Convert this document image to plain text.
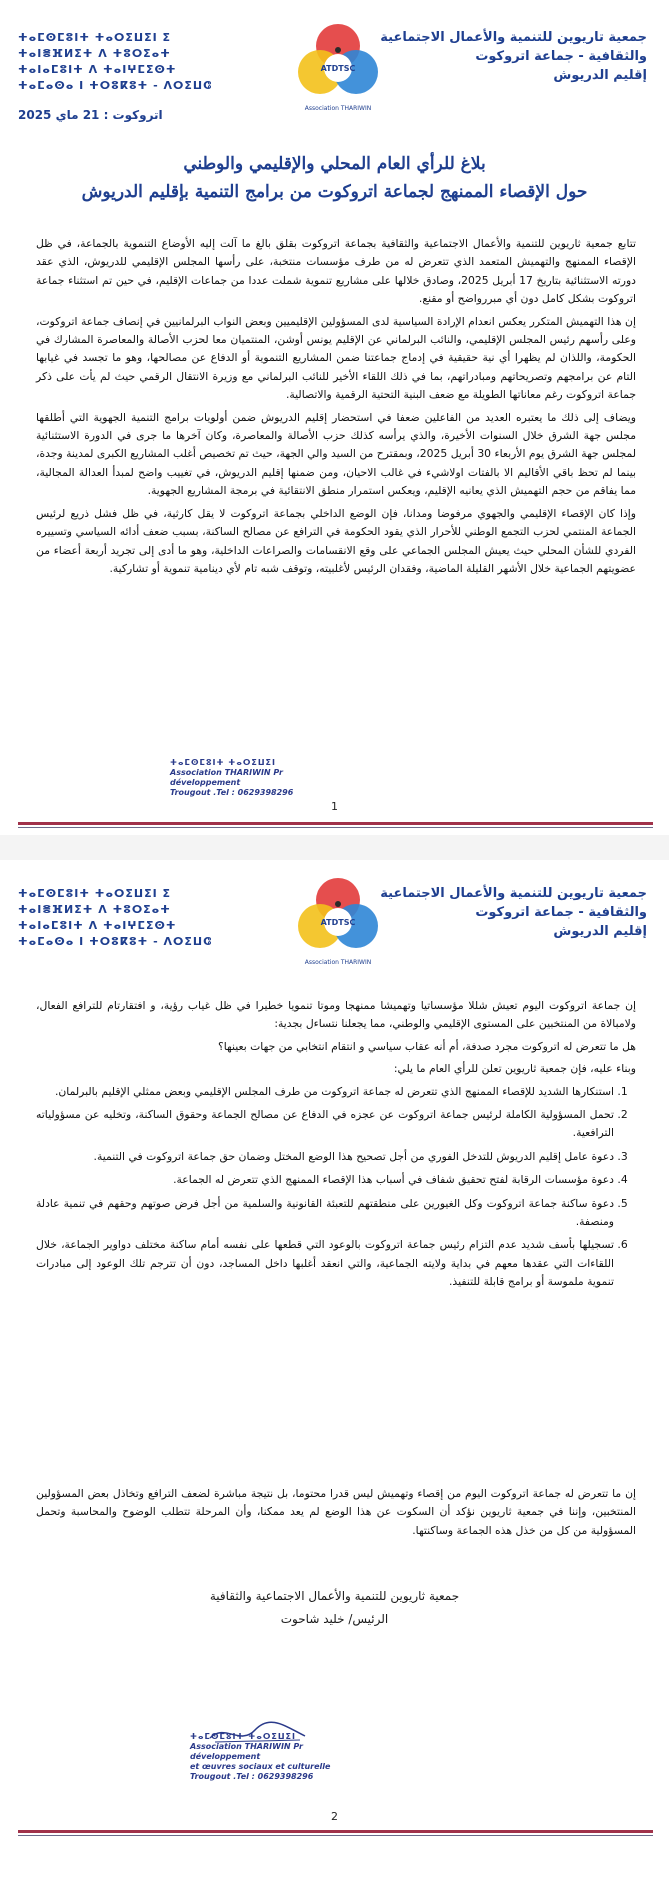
جمعية تاريوين للتنمية والأعمال الاجتماعية
والثقافية - جماعة اتروكوت
إقليم الدريوش
ⵜⴰⵎⵙⵎⵓⵏⵜ ⵜⴰⵔⵉⵡⵉⵏ ⵉ ⵜⴰⵏⴻⴼⵍⵉⵜ ⴷ ⵜⵓⵔⵉⴰⵜ
ⵜⴰⵏⴰⵎⵓⵏⵜ ⴷ ⵜⴰⵏⵖⵎⵉⵙⵜ
ⵜⴰⵎⴰⵙⴰ ⵏ ⵜⵔⵓⴽⵓⵜ - ⴷⵔⵉⵡⵛ
ATDTSC
Association THARIWIN
اتروكوت : 21 ماي 2025
بلاغ للرأي العام المحلي والإقليمي والوطني
حول الإقصاء الممنهج لجماعة اتروكوت من برامج التنمية بإقليم الدريوش

تتابع جمعية ثاريوين للتنمية والأعمال الاجتماعية والثقافية بجماعة اتروكوت بقلق بالغ ما آلت إليه الأوضاع التنموية بالجماعة، في ظل الإقصاء الممنهج والتهميش المتعمد الذي تتعرض له من طرف مؤسسات منتخبة، على رأسها المجلس الإقليمي للدريوش، الذي عقد دورته الاستثنائية بتاريخ 17 أبريل 2025، وصادق خلالها على مشاريع تنموية شملت عددا من جماعات الإقليم، في حين تم استثناء جماعة اتروكوت بشكل كامل دون أي مبررواضح أو مقنع.

إن هذا التهميش المتكرر يعكس انعدام الإرادة السياسية لدى المسؤولين الإقليميين وبعض النواب البرلمانيين في إنصاف جماعة اتروكوت، وعلى رأسهم رئيس المجلس الإقليمي، والنائب البرلماني عن الإقليم يونس أوشن، المنتميان معا لحزب الأصالة والمعاصرة المشارك في الحكومة، واللذان لم يظهرا أي نية حقيقية في إدماج جماعتنا ضمن المشاريع التنموية أو الدفاع عن مصالحها، وهو ما تجسد في غيابها التام عن برامجهم وتصريحاتهم ومبادراتهم، بما في ذلك اللقاء الأخير للنائب البرلماني مع وزيرة الانتقال الرقمي حيث لم يأت على ذكر جماعة اتروكوت رغم معاناتها الطويلة مع ضعف البنية التحتية الرقمية والاتصالية.

ويضاف إلى ذلك ما يعتبره العديد من الفاعلين ضعفا في استحضار إقليم الدريوش ضمن أولويات برامج التنمية الجهوية التي أطلقها مجلس جهة الشرق خلال السنوات الأخيرة، والذي يرأسه كذلك حزب الأصالة والمعاصرة، وكان آخرها ما جرى في الدورة الاستثنائية لمجلس جهة الشرق يوم الأربعاء 30 أبريل 2025، وبمقترح من السيد والي الجهة، حيث تم تخصيص أغلب المشاريع الكبرى لمدينة وجدة، بينما لم تحظ باقي الأقاليم الا بالفتات اولاشيء في غالب الاحيان، ومن ضمنها إقليم الدريوش، في تغييب واضح لمبدأ العدالة المجالية، مما يفاقم من حجم التهميش الذي يعانيه الإقليم، ويعكس استمرار منطق الانتقائية في برمجة المشاريع الجهوية.

وإذا كان الإقصاء الإقليمي والجهوي مرفوضا ومدانا، فإن الوضع الداخلي بجماعة اتروكوت لا يقل كارثية، في ظل فشل ذريع لرئيس الجماعة المنتمي لحزب التجمع الوطني للأحرار الذي يقود الحكومة في الترافع عن مصالح الساكنة، بسبب ضعف أدائه السياسي وتسييره الفردي للشأن المحلي حيث يعيش المجلس الجماعي على وقع الانقسامات والصراعات الداخلية، وهو ما أدى إلى تجريد أربعة أعضاء من عضويتهم الجماعية خلال الأشهر القليلة الماضية، وفقدان الرئيس لأغلبيته، وتوقف شبه تام لأي دينامية تنموية أو تشاركية.

ⵜⴰⵎⵙⵎⵓⵏⵜ ⵜⴰⵔⵉⵡⵉⵏ
Association THARIWIN Pr développement
Trougout .Tel : 0629398296
1
جمعية تاريوين للتنمية والأعمال الاجتماعية
والثقافية - جماعة اتروكوت
إقليم الدريوش
ⵜⴰⵎⵙⵎⵓⵏⵜ ⵜⴰⵔⵉⵡⵉⵏ ⵉ ⵜⴰⵏⴻⴼⵍⵉⵜ ⴷ ⵜⵓⵔⵉⴰⵜ
ⵜⴰⵏⴰⵎⵓⵏⵜ ⴷ ⵜⴰⵏⵖⵎⵉⵙⵜ
ⵜⴰⵎⴰⵙⴰ ⵏ ⵜⵔⵓⴽⵓⵜ - ⴷⵔⵉⵡⵛ
ATDTSC
Association THARIWIN

إن جماعة اتروكوت اليوم تعيش شللا مؤسساتيا وتهميشا ممنهجا وموتا تنمويا خطيرا في ظل غياب رؤية، و افتقارتام للترافع الفعال، ولامبالاة من المنتخبين على المستوى الإقليمي والوطني، مما يجعلنا نتساءل بجدية:

هل ما تتعرض له اتروكوت مجرد صدفة، أم أنه عقاب سياسي و انتقام انتخابي من جهات بعينها؟

وبناء عليه، فإن جمعية ثاريوين تعلن للرأي العام ما يلي:

1. استنكارها الشديد للإقصاء الممنهج الذي تتعرض له جماعة اتروكوت من طرف المجلس الإقليمي وبعض ممثلي الإقليم بالبرلمان.
2. تحمل المسؤولية الكاملة لرئيس جماعة اتروكوت عن عجزه في الدفاع عن مصالح الجماعة وحقوق الساكنة، وتخليه عن مسؤولياته الترافعية.
3. دعوة عامل إقليم الدريوش للتدخل الفوري من أجل تصحيح هذا الوضع المختل وضمان حق جماعة اتروكوت في التنمية.
4. دعوة مؤسسات الرقابة لفتح تحقيق شفاف في أسباب هذا الإقصاء الممنهج الذي تتعرض له الجماعة.
5. دعوة ساكنة جماعة اتروكوت وكل الغيورين على منطقتهم للتعبئة القانونية والسلمية من أجل فرض صوتهم وحقهم في تنمية عادلة ومنصفة.
6. تسجيلها بأسف شديد عدم التزام رئيس جماعة اتروكوت بالوعود التي قطعها على نفسه أمام ساكنة مختلف دواوير الجماعة، خلال اللقاءات التي عقدها معهم في بداية ولايته الجماعية، والتي انعقد أغلبها داخل المساجد، دون أن تترجم تلك الوعود إلى مبادرات تنموية ملموسة أو برامج قابلة للتنفيذ.

إن ما تتعرض له جماعة اتروكوت اليوم من إقصاء وتهميش ليس قدرا محتوما، بل نتيجة مباشرة لضعف الترافع وتخاذل بعض المسؤولين المنتخبين، وإننا في جمعية ثاريوين نؤكد أن السكوت عن هذا الوضع لم يعد ممكنا، وأن المرحلة تتطلب الوضوح والمحاسبة وتحمل المسؤولية من كل من خذل هذه الجماعة وساكنتها.

جمعية ثاريوين للتنمية والأعمال الاجتماعية والثقافية
الرئيس/ خليد شاحوت
ⵜⴰⵎⵙⵎⵓⵏⵜ ⵜⴰⵔⵉⵡⵉⵏ
Association THARIWIN Pr développement
et œuvres sociaux et culturelle
Trougout .Tel : 0629398296
2
